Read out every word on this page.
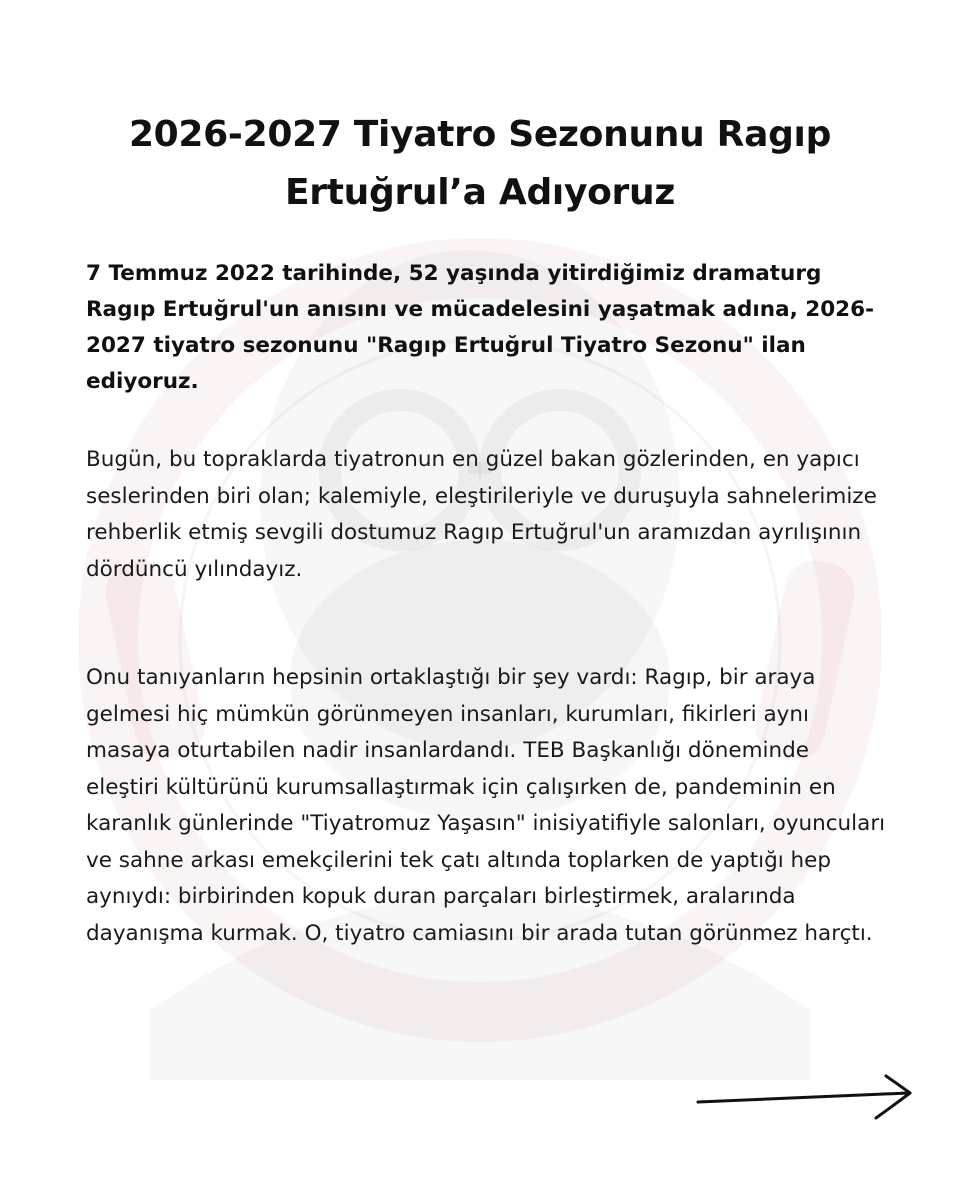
2026-2027 Tiyatro Sezonunu Ragıp Ertuğrul’a Adıyoruz

7 Temmuz 2022 tarihinde, 52 yaşında yitirdiğimiz dramaturg Ragıp Ertuğrul'un anısını ve mücadelesini yaşatmak adına, 2026-2027 tiyatro sezonunu "Ragıp Ertuğrul Tiyatro Sezonu" ilan ediyoruz.

Bugün, bu topraklarda tiyatronun en güzel bakan gözlerinden, en yapıcı seslerinden biri olan; kalemiyle, eleştirileriyle ve duruşuyla sahnelerimize rehberlik etmiş sevgili dostumuz Ragıp Ertuğrul'un aramızdan ayrılışının dördüncü yılındayız.

Onu tanıyanların hepsinin ortaklaştığı bir şey vardı: Ragıp, bir araya gelmesi hiç mümkün görünmeyen insanları, kurumları, fikirleri aynı masaya oturtabilen nadir insanlardandı. TEB Başkanlığı döneminde eleştiri kültürünü kurumsallaştırmak için çalışırken de, pandeminin en karanlık günlerinde "Tiyatromuz Yaşasın" inisiyatifiyle salonları, oyuncuları ve sahne arkası emekçilerini tek çatı altında toplarken de yaptığı hep aynıydı: birbirinden kopuk duran parçaları birleştirmek, aralarında dayanışma kurmak. O, tiyatro camiasını bir arada tutan görünmez harçtı.
